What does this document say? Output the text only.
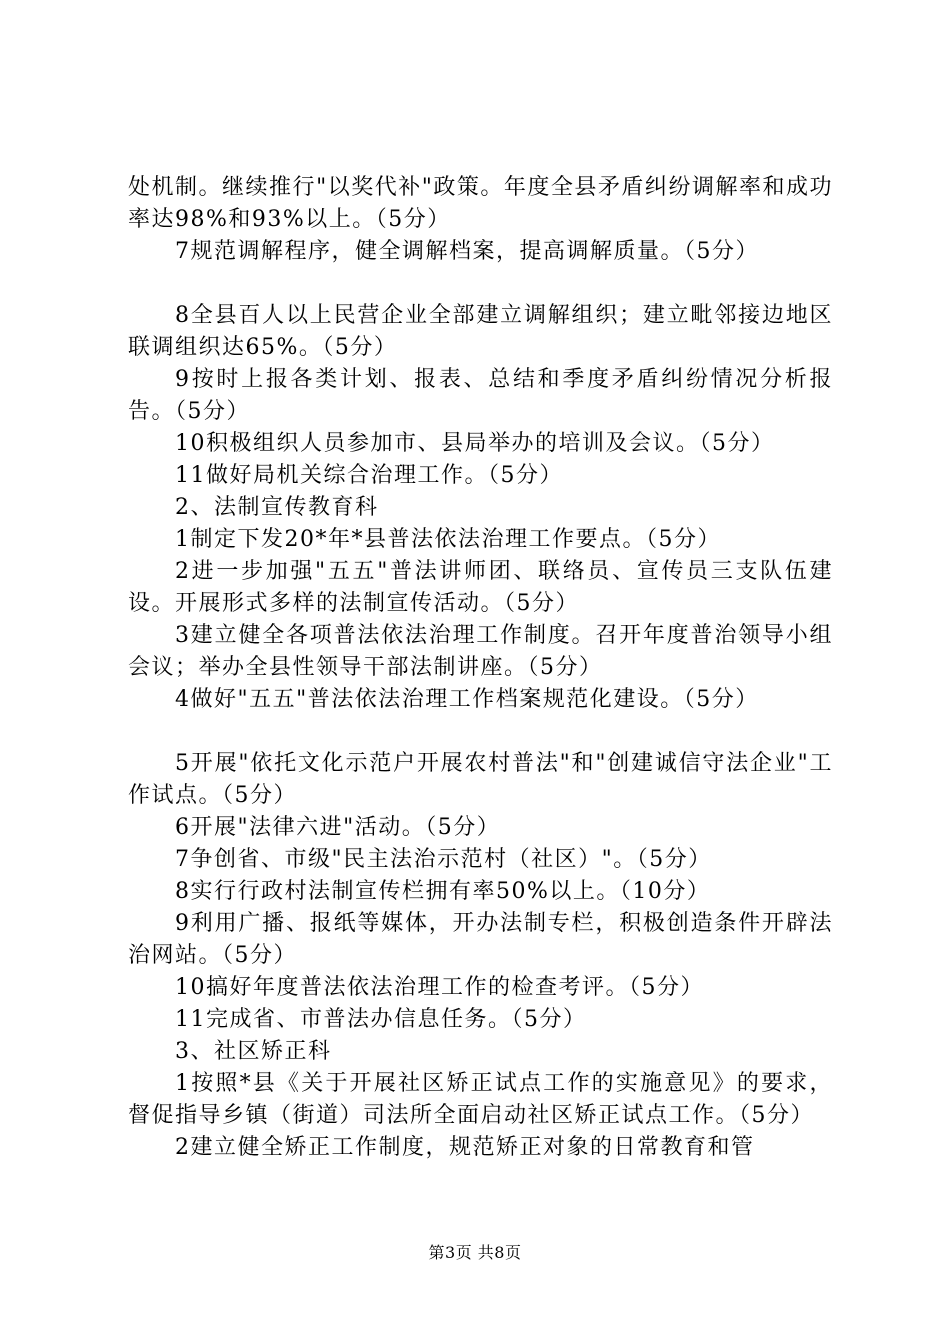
处机制。继续推行"以奖代补"政策。年度全县矛盾纠纷调解率和成功率达98%和93%以上。（5分）

7规范调解程序，健全调解档案，提高调解质量。（5分）

8全县百人以上民营企业全部建立调解组织；建立毗邻接边地区联调组织达65%。（5分）

9按时上报各类计划、报表、总结和季度矛盾纠纷情况分析报告。（5分）

10积极组织人员参加市、县局举办的培训及会议。（5分）

11做好局机关综合治理工作。（5分）

2、法制宣传教育科

1制定下发20*年*县普法依法治理工作要点。（5分）

2进一步加强"五五"普法讲师团、联络员、宣传员三支队伍建设。开展形式多样的法制宣传活动。（5分）

3建立健全各项普法依法治理工作制度。召开年度普治领导小组会议；举办全县性领导干部法制讲座。（5分）

4做好"五五"普法依法治理工作档案规范化建设。（5分）

5开展"依托文化示范户开展农村普法"和"创建诚信守法企业"工作试点。（5分）

6开展"法律六进"活动。（5分）

7争创省、市级"民主法治示范村（社区）"。（5分）

8实行行政村法制宣传栏拥有率50%以上。（10分）

9利用广播、报纸等媒体，开办法制专栏，积极创造条件开辟法治网站。（5分）

10搞好年度普法依法治理工作的检查考评。（5分）

11完成省、市普法办信息任务。（5分）

3、社区矫正科

1按照*县《关于开展社区矫正试点工作的实施意见》的要求，督促指导乡镇（街道）司法所全面启动社区矫正试点工作。（5分）

2建立健全矫正工作制度，规范矫正对象的日常教育和管

第3页 共8页
